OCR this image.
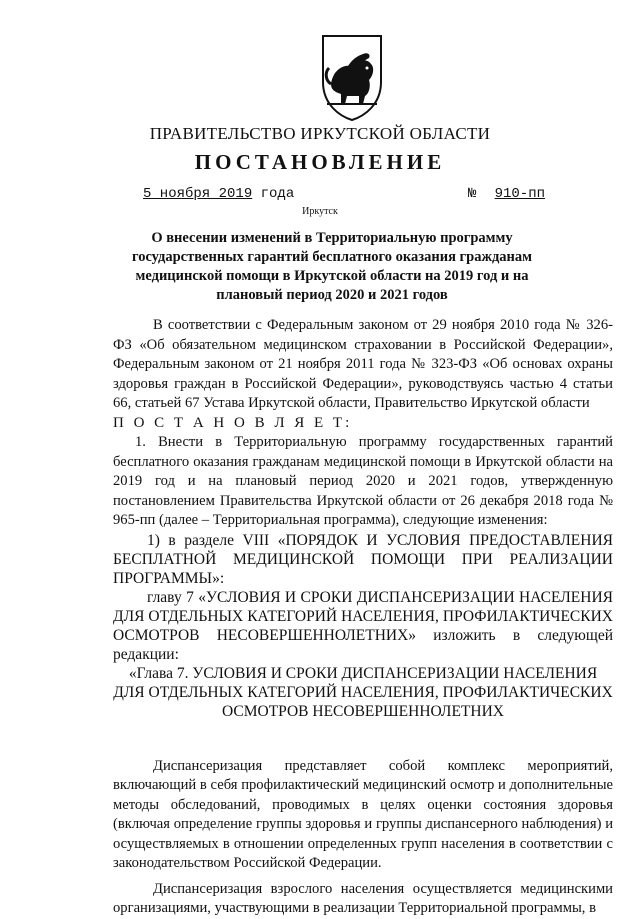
ПРАВИТЕЛЬСТВО ИРКУТСКОЙ ОБЛАСТИ
ПОСТАНОВЛЕНИЕ
5 ноября 2019 года	№ 910-пп
Иркутск
О внесении изменений в Территориальную программу государственных гарантий бесплатного оказания гражданам медицинской помощи в Иркутской области на 2019 год и на плановый период 2020 и 2021 годов

В соответствии с Федеральным законом от 29 ноября 2010 года № 326-ФЗ «Об обязательном медицинском страховании в Российской Федерации», Федеральным законом от 21 ноября 2011 года № 323-ФЗ «Об основах охраны здоровья граждан в Российской Федерации», руководствуясь частью 4 статьи 66, статьей 67 Устава Иркутской области, Правительство Иркутской области

П О С Т А Н О В Л Я Е Т:

1. Внести в Территориальную программу государственных гарантий бесплатного оказания гражданам медицинской помощи в Иркутской области на 2019 год и на плановый период 2020 и 2021 годов, утвержденную постановлением Правительства Иркутской области от 26 декабря 2018 года № 965-пп (далее – Территориальная программа), следующие изменения:

1) в разделе VIII «ПОРЯДОК И УСЛОВИЯ ПРЕДОСТАВЛЕНИЯ БЕСПЛАТНОЙ МЕДИЦИНСКОЙ ПОМОЩИ ПРИ РЕАЛИЗАЦИИ ПРОГРАММЫ»:

главу 7 «УСЛОВИЯ И СРОКИ ДИСПАНСЕРИЗАЦИИ НАСЕЛЕНИЯ ДЛЯ ОТДЕЛЬНЫХ КАТЕГОРИЙ НАСЕЛЕНИЯ, ПРОФИЛАКТИЧЕСКИХ ОСМОТРОВ НЕСОВЕРШЕННОЛЕТНИХ» изложить в следующей редакции:

«Глава 7. УСЛОВИЯ И СРОКИ ДИСПАНСЕРИЗАЦИИ НАСЕЛЕНИЯ ДЛЯ ОТДЕЛЬНЫХ КАТЕГОРИЙ НАСЕЛЕНИЯ, ПРОФИЛАКТИЧЕСКИХ ОСМОТРОВ НЕСОВЕРШЕННОЛЕТНИХ

Диспансеризация представляет собой комплекс мероприятий, включающий в себя профилактический медицинский осмотр и дополнительные методы обследований, проводимых в целях оценки состояния здоровья (включая определение группы здоровья и группы диспансерного наблюдения) и осуществляемых в отношении определенных групп населения в соответствии с законодательством Российской Федерации.

Диспансеризация взрослого населения осуществляется медицинскими организациями, участвующими в реализации Территориальной программы, в
